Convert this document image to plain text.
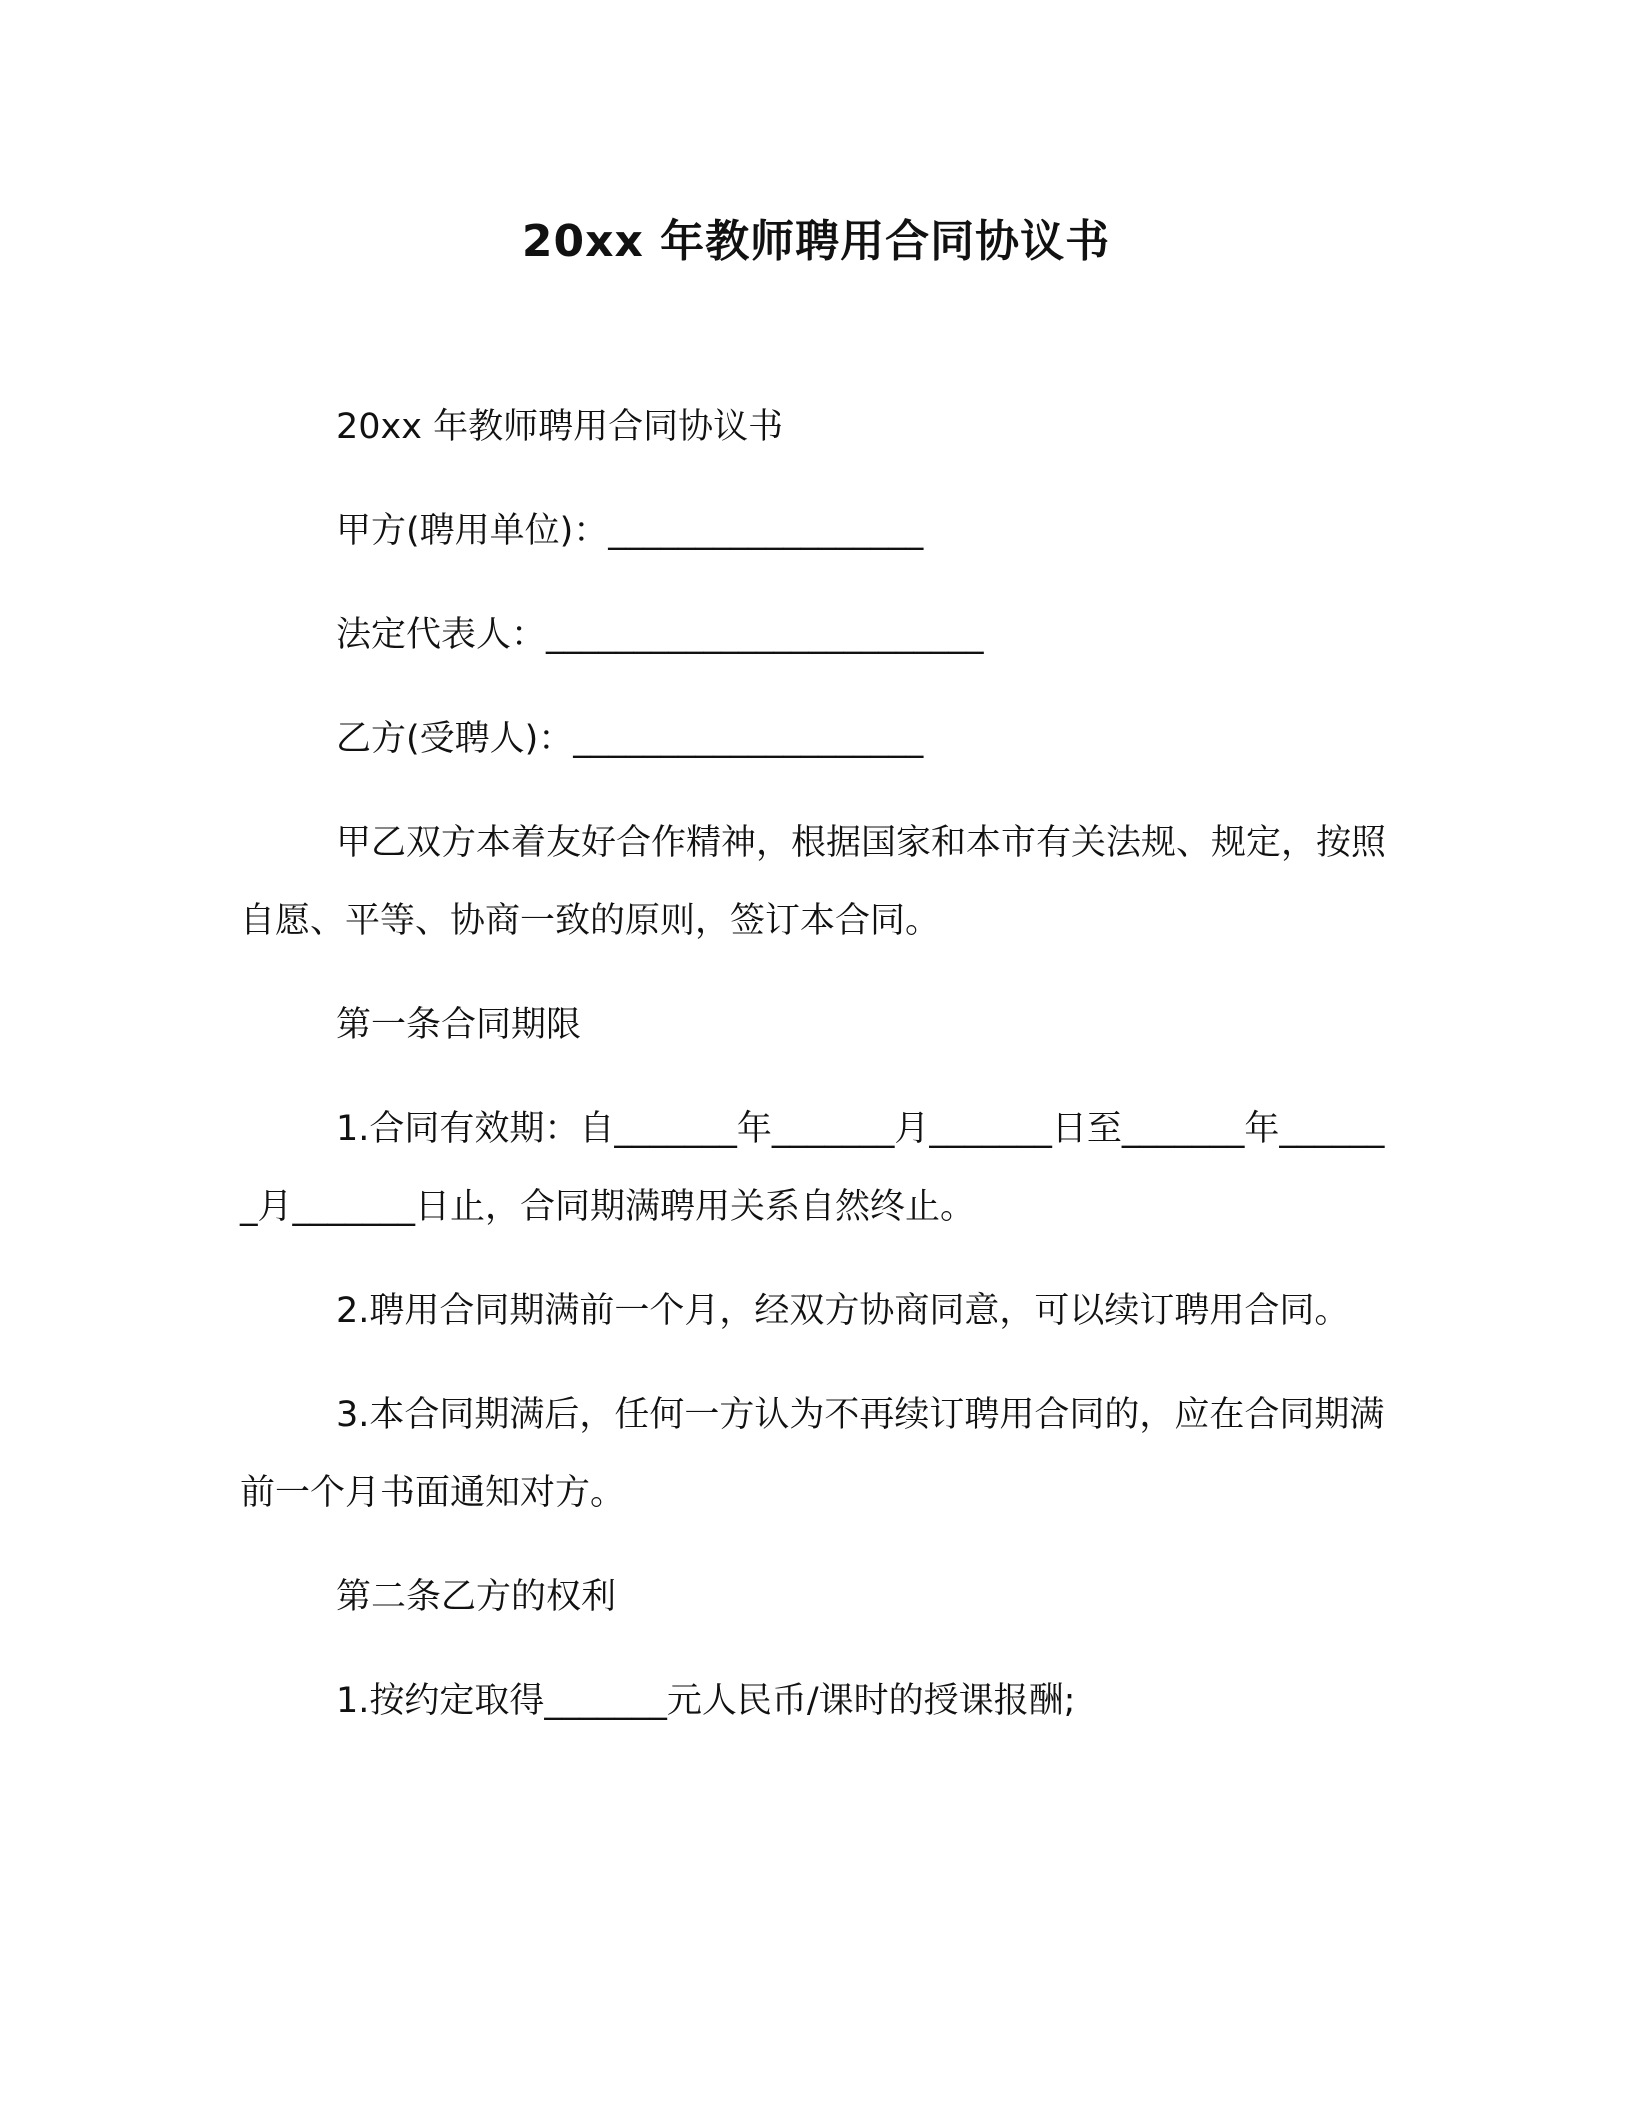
20xx 年教师聘用合同协议书

20xx 年教师聘用合同协议书

甲方(聘用单位)：__________________

法定代表人：_________________________

乙方(受聘人)：____________________

甲乙双方本着友好合作精神，根据国家和本市有关法规、规定，按照自愿、平等、协商一致的原则，签订本合同。

第一条合同期限

1.合同有效期：自_______年_______月_______日至_______年_______月_______日止，合同期满聘用关系自然终止。

2.聘用合同期满前一个月，经双方协商同意，可以续订聘用合同。

3.本合同期满后，任何一方认为不再续订聘用合同的，应在合同期满前一个月书面通知对方。

第二条乙方的权利

1.按约定取得_______元人民币/课时的授课报酬;
